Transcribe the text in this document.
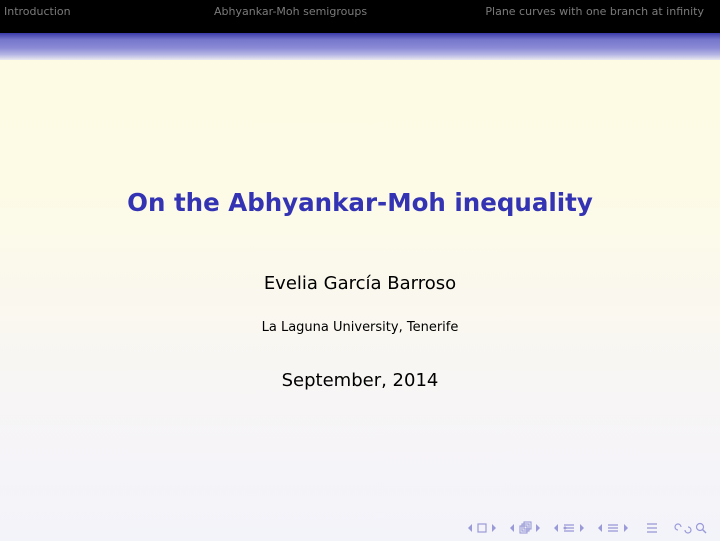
Introduction	Abhyankar-Moh semigroups	Plane curves with one branch at infinity
On the Abhyankar-Moh inequality
Evelia García Barroso
La Laguna University, Tenerife
September, 2014
